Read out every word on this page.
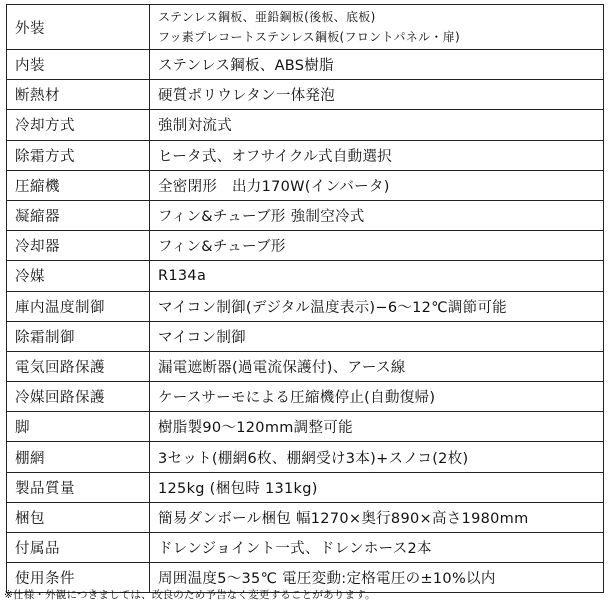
外装	ステンレス鋼板、亜鉛鋼板(後板、底板)
フッ素プレコートステンレス鋼板(フロントパネル・扉)

内装	ステンレス鋼板、ABS樹脂
断熱材	硬質ポリウレタン一体発泡
冷却方式	強制対流式
除霜方式	ヒータ式、オフサイクル式自動選択
圧縮機	全密閉形　出力170W(インバータ)
凝縮器	フィン&チューブ形 強制空冷式
冷却器	フィン&チューブ形
冷媒	R134a
庫内温度制御	マイコン制御(デジタル温度表示)−6～12℃調節可能
除霜制御	マイコン制御
電気回路保護	漏電遮断器(過電流保護付)、アース線
冷媒回路保護	ケースサーモによる圧縮機停止(自動復帰)
脚	樹脂製90～120mm調整可能
棚網	3セット(棚網6枚、棚網受け3本)+スノコ(2枚)
製品質量	125kg (梱包時 131kg)
梱包	簡易ダンボール梱包 幅1270×奥行890×高さ1980mm
付属品	ドレンジョイント一式、ドレンホース2本
使用条件	周囲温度5～35℃ 電圧変動:定格電圧の±10%以内
※仕様・外観につきましては、改良のため予告なく変更することがあります。
